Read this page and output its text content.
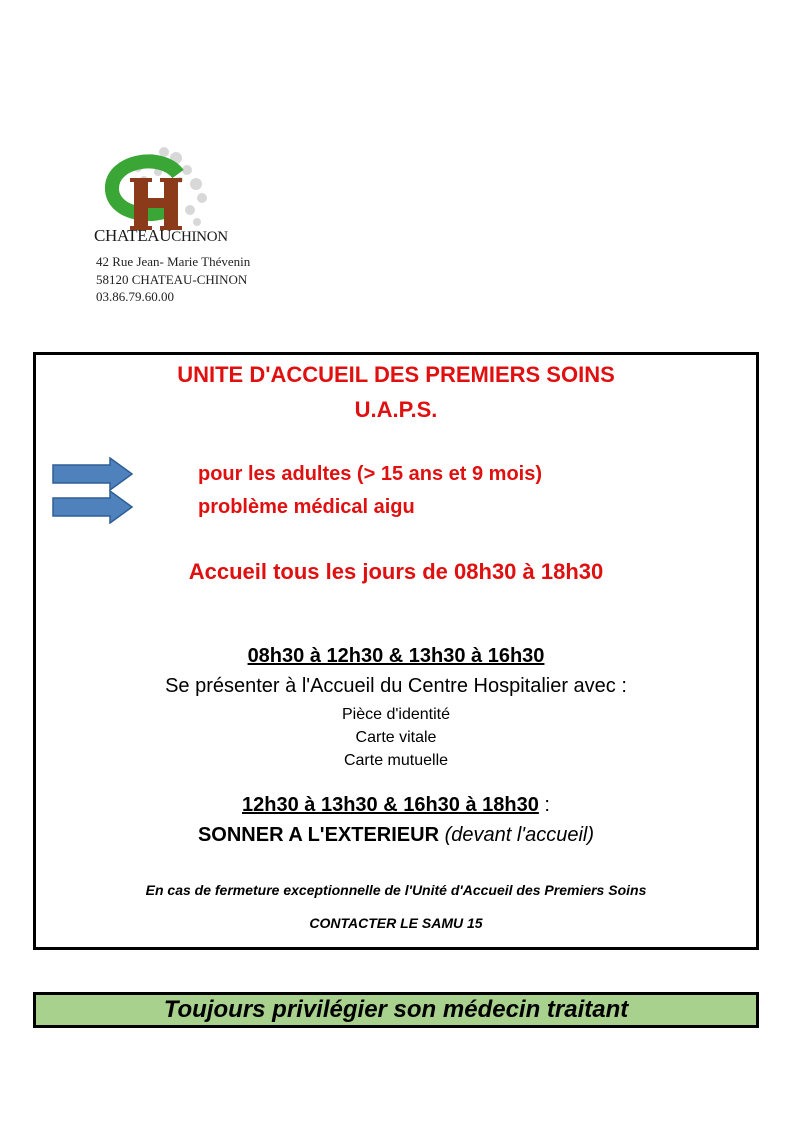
CHATEAUCHINON
42 Rue Jean- Marie Thévenin
58120 CHATEAU-CHINON
03.86.79.60.00
UNITE D'ACCUEIL DES PREMIERS SOINS
U.A.P.S.
pour les adultes (> 15 ans et 9 mois)
problème médical aigu
Accueil tous les jours de 08h30 à 18h30
08h30 à 12h30 & 13h30 à 16h30
Se présenter à l'Accueil du Centre Hospitalier avec :
Pièce d'identité
Carte vitale
Carte mutuelle
12h30 à 13h30 & 16h30 à 18h30 :
SONNER A L'EXTERIEUR (devant l'accueil)
En cas de fermeture exceptionnelle de l'Unité d'Accueil des Premiers Soins
CONTACTER LE SAMU 15
Toujours privilégier son médecin traitant
